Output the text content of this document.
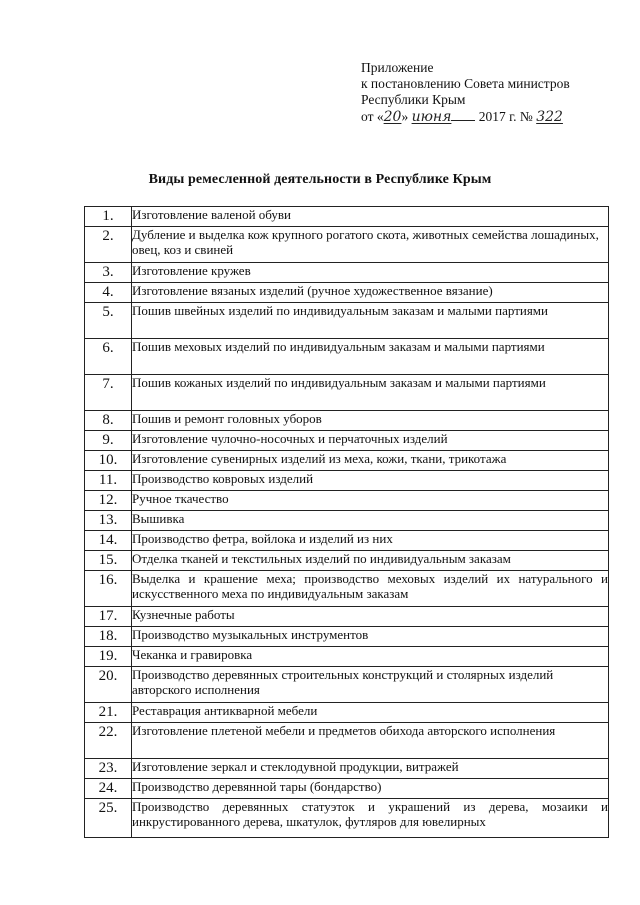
Приложение
к постановлению Совета министров
Республики Крым
от «20» июня 2017 г. № 322
Виды ремесленной деятельности в Республике Крым
1.	Изготовление валеной обуви
2.	Дубление и выделка кож крупного рогатого скота, животных семейства лошадиных, овец, коз и свиней
3.	Изготовление кружев
4.	Изготовление вязаных изделий (ручное художественное вязание)
5.	Пошив швейных изделий по индивидуальным заказам и малыми партиями
6.	Пошив меховых изделий по индивидуальным заказам и малыми партиями
7.	Пошив кожаных изделий по индивидуальным заказам и малыми партиями
8.	Пошив и ремонт головных уборов
9.	Изготовление чулочно-носочных и перчаточных изделий
10.	Изготовление сувенирных изделий из меха, кожи, ткани, трикотажа
11.	Производство ковровых изделий
12.	Ручное ткачество
13.	Вышивка
14.	Производство фетра, войлока и изделий из них
15.	Отделка тканей и текстильных изделий по индивидуальным заказам
16.	Выделка и крашение меха; производство меховых изделий их натурального и искусственного меха по индивидуальным заказам
17.	Кузнечные работы
18.	Производство музыкальных инструментов
19.	Чеканка и гравировка
20.	Производство деревянных строительных конструкций и столярных изделий авторского исполнения
21.	Реставрация антикварной мебели
22.	Изготовление плетеной мебели и предметов обихода авторского исполнения
23.	Изготовление зеркал и стеклодувной продукции, витражей
24.	Производство деревянной тары (бондарство)
25.	Производство деревянных статуэток и украшений из дерева, мозаики и инкрустированного дерева, шкатулок, футляров для ювелирных
